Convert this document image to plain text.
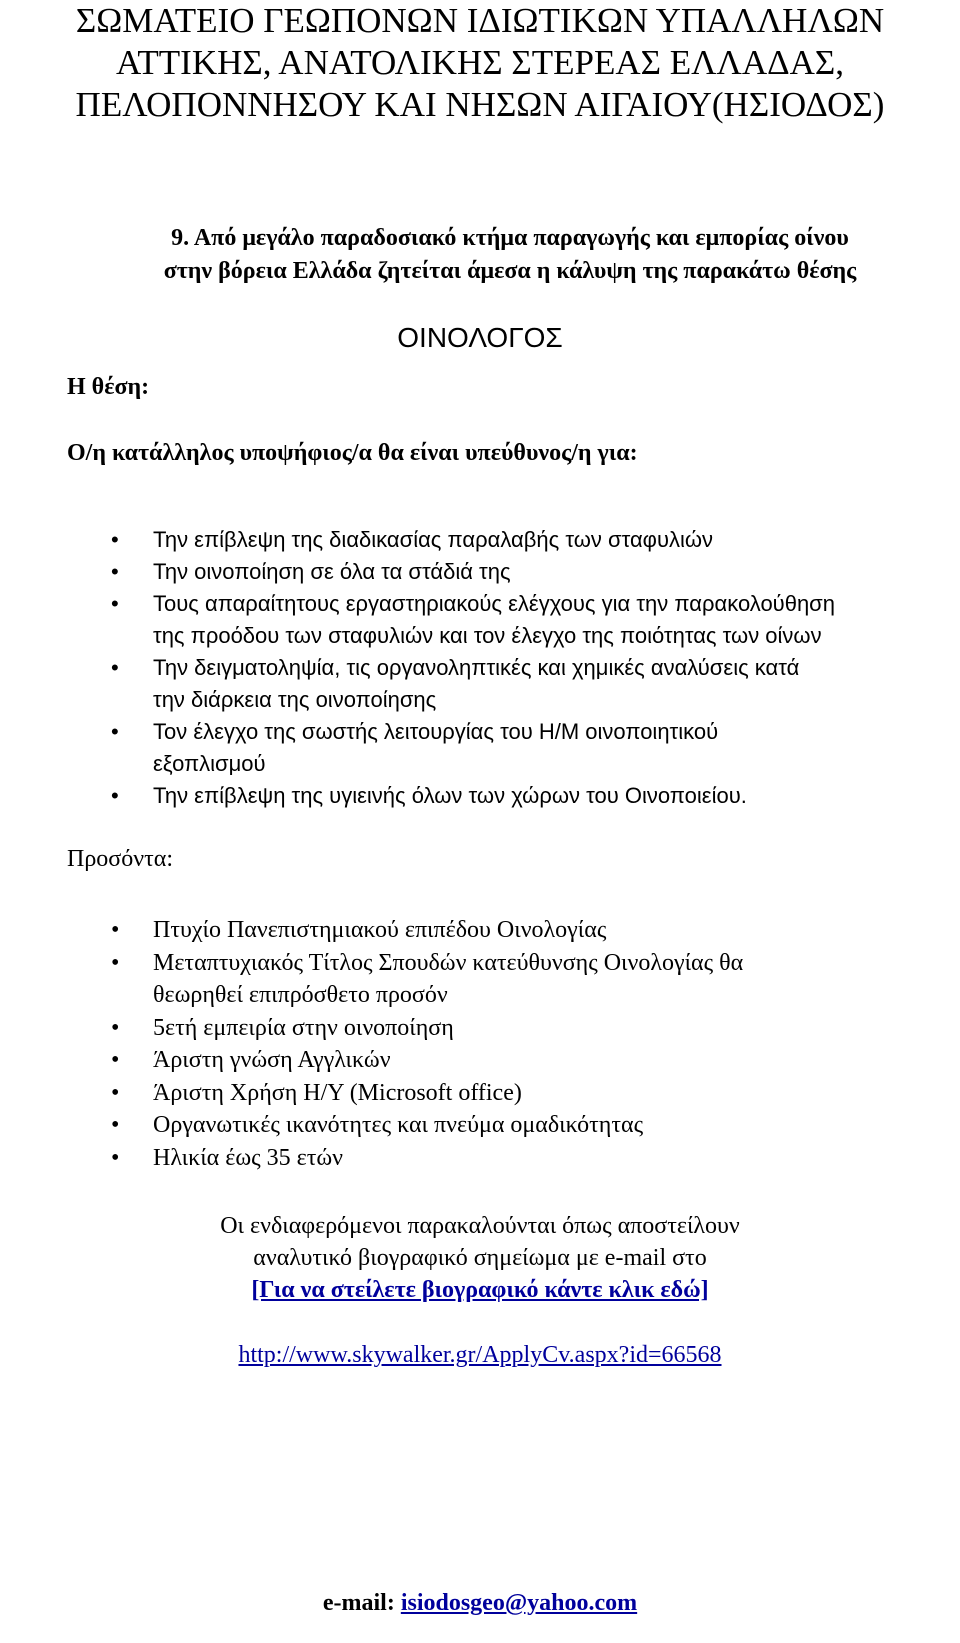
ΣΩΜΑΤΕΙΟ ΓΕΩΠΟΝΩΝ ΙΔΙΩΤΙΚΩΝ ΥΠΑΛΛΗΛΩΝ
ΑΤΤΙΚΗΣ, ΑΝΑΤΟΛΙΚΗΣ ΣΤΕΡΕΑΣ ΕΛΛΑΔΑΣ,
ΠΕΛΟΠΟΝΝΗΣΟΥ ΚΑΙ ΝΗΣΩΝ ΑΙΓΑΙΟΥ(ΗΣΙΟΔΟΣ)
9. Από μεγάλο παραδοσιακό κτήμα παραγωγής και εμπορίας οίνου
στην βόρεια Ελλάδα ζητείται άμεσα η κάλυψη της παρακάτω θέσης
ΟΙΝΟΛΟΓΟΣ
Η θέση:
Ο/η κατάλληλος υποψήφιος/α θα είναι υπεύθυνος/η για:
• Την επίβλεψη της διαδικασίας παραλαβής των σταφυλιών
• Την οινοποίηση σε όλα τα στάδιά της
• Τους απαραίτητους εργαστηριακούς ελέγχους για την παρακολούθηση
της προόδου των σταφυλιών και τον έλεγχο της ποιότητας των οίνων
• Την δειγματοληψία, τις οργανοληπτικές και χημικές αναλύσεις κατά
την διάρκεια της οινοποίησης
• Τον έλεγχο της σωστής λειτουργίας του Η/Μ οινοποιητικού
εξοπλισμού
• Την επίβλεψη της υγιεινής όλων των χώρων του Οινοποιείου.
Προσόντα:
• Πτυχίο Πανεπιστημιακού επιπέδου Οινολογίας
• Μεταπτυχιακός Τίτλος Σπουδών κατεύθυνσης Οινολογίας θα
θεωρηθεί επιπρόσθετο προσόν
• 5ετή εμπειρία στην οινοποίηση
• Άριστη γνώση Αγγλικών
• Άριστη Χρήση Η/Υ (Microsoft office)
• Οργανωτικές ικανότητες και πνεύμα ομαδικότητας
• Ηλικία έως 35 ετών
Οι ενδιαφερόμενοι παρακαλούνται όπως αποστείλουν
αναλυτικό βιογραφικό σημείωμα με e-mail στο
[Για να στείλετε βιογραφικό κάντε κλικ εδώ]
http://www.skywalker.gr/ApplyCv.aspx?id=66568
e-mail: isiodosgeo@yahoo.com
